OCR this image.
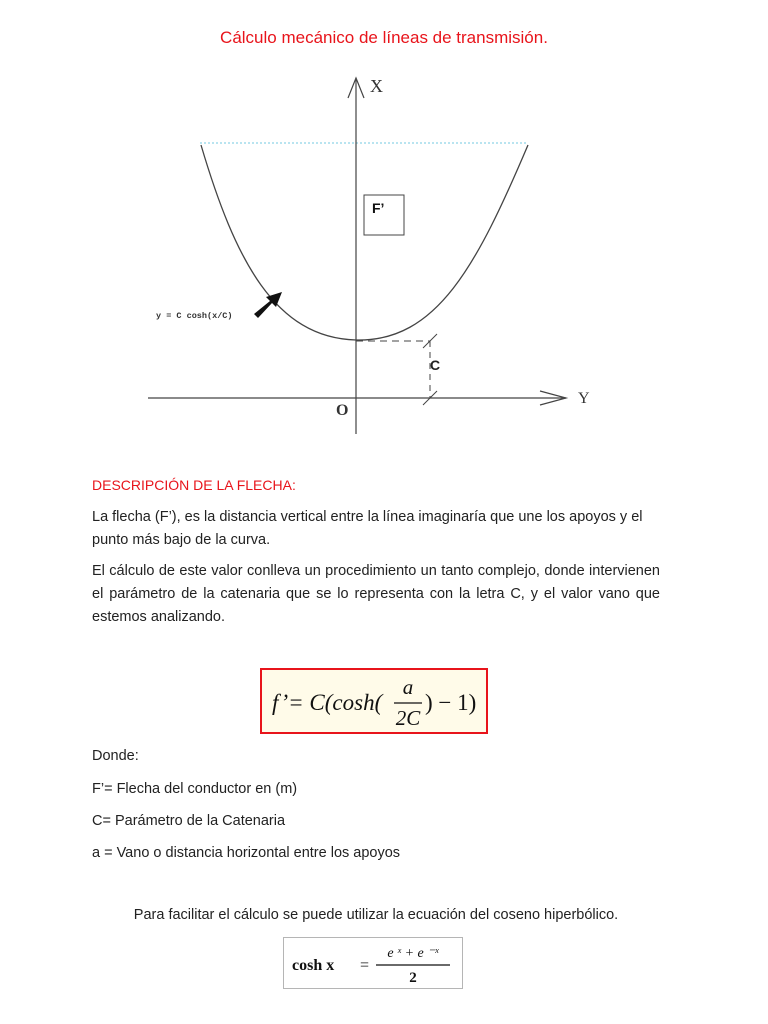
Cálculo mecánico de líneas de transmisión.
X
Y
O
F’
C
y = C cosh(x/C)
DESCRIPCIÓN DE LA FLECHA:

La flecha (F’), es la distancia vertical entre la línea imaginaría que une los apoyos y el punto más bajo de la curva.

El cálculo de este valor conlleva un procedimiento un tanto complejo, donde intervienen el parámetro de la catenaria que se lo representa con la letra C, y el valor vano que estemos analizando.

f’= C(cosh(
a
2C
) − 1)
Donde:
F’= Flecha del conductor en (m)
C= Parámetro de la Catenaria
a = Vano o distancia horizontal entre los apoyos
Para facilitar el cálculo se puede utilizar la ecuación del coseno hiperbólico.
cosh x =
e ˣ + e ⁻ˣ
2
